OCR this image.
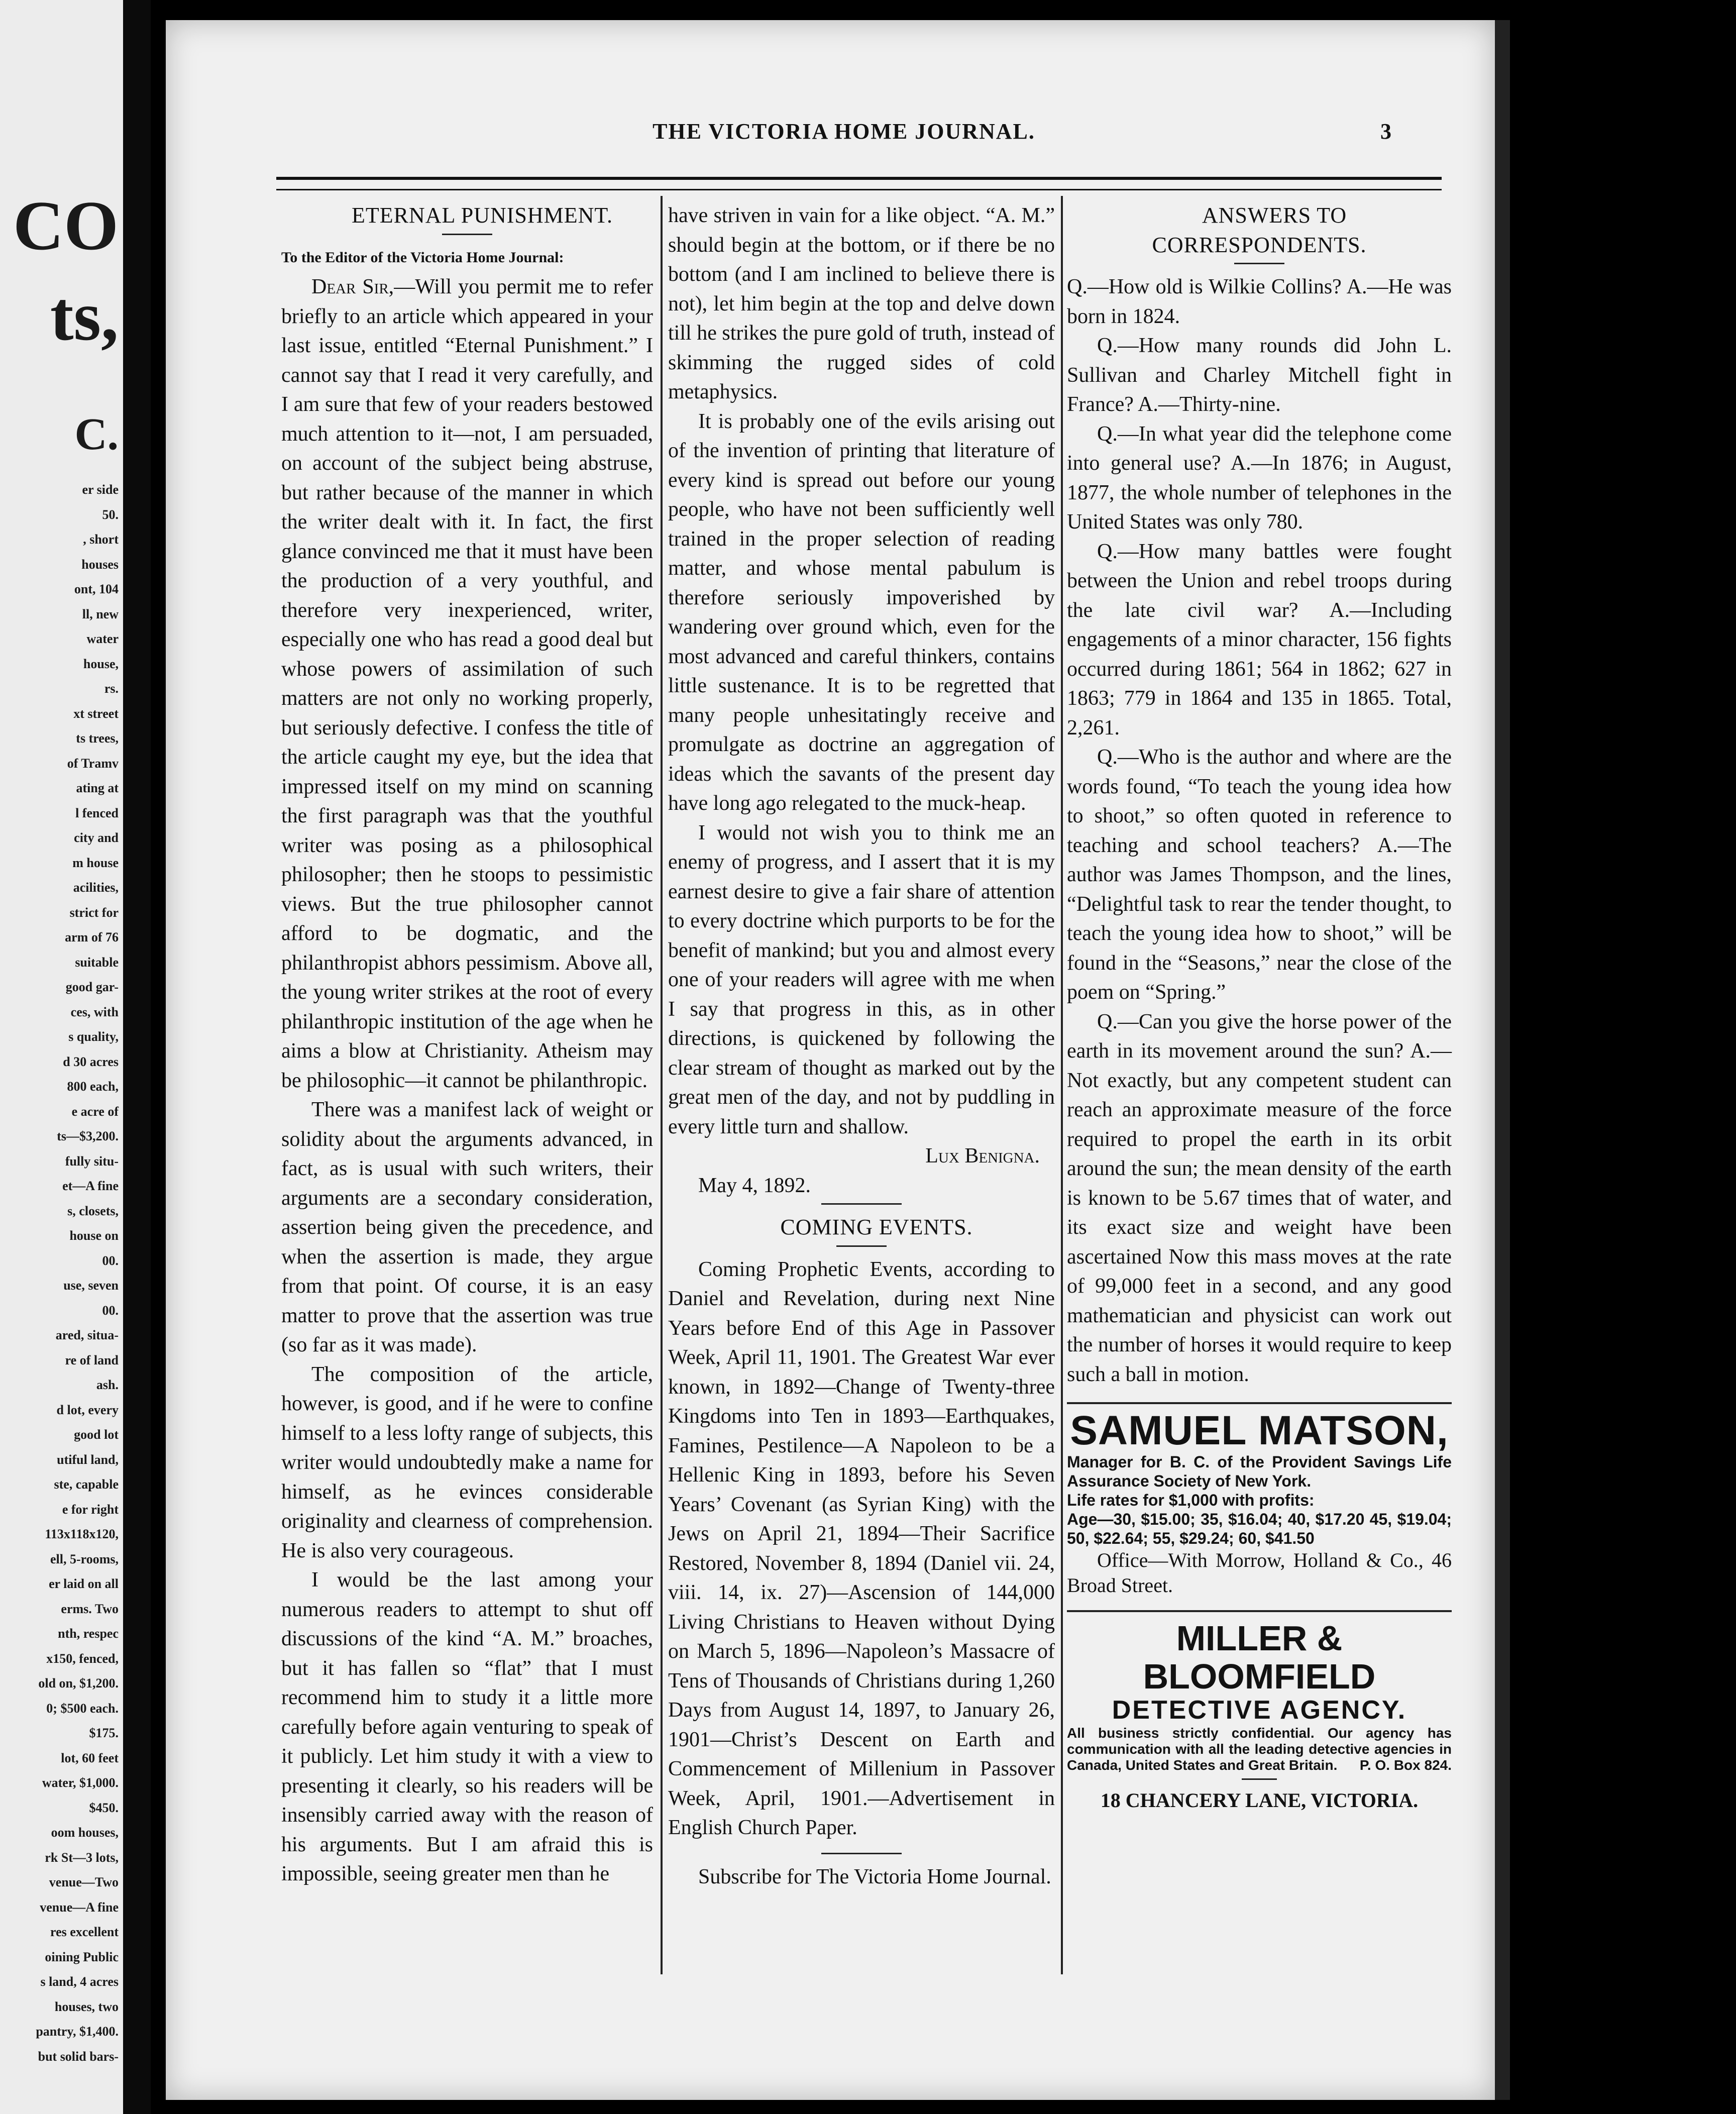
CO
ts,
C.
er side
50.
, short
houses
ont, 104
ll, new
water
house,
rs.
xt street
ts trees,
of Tramv
ating at
l fenced
city and
m house
acilities,
strict for
arm of 76
suitable
good gar-
ces, with
s quality,
d 30 acres
800 each,
e acre of
ts—$3,200.
fully situ-
et—A fine
s, closets,
house on
00.
use, seven
00.
ared, situa-
re of land
ash.
d lot, every
good lot
utiful land,
ste, capable
e for right
113x118x120,
ell, 5-rooms,
er laid on all
erms. Two
nth, respec
x150, fenced,
old on, $1,200.
0; $500 each.
$175.
lot, 60 feet
water, $1,000.
$450.
oom houses,
rk St—3 lots,
venue—Two
venue—A fine
res excellent
oining Public
s land, 4 acres
houses, two
pantry, $1,400.
but solid bars-
THE VICTORIA HOME JOURNAL.	3

ETERNAL PUNISHMENT.

To the Editor of the Victoria Home Journal:

Dear Sir,—Will you permit me to refer briefly to an article which appeared in your last issue, entitled “Eternal Punishment.” I cannot say that I read it very carefully, and I am sure that few of your readers bestowed much attention to it—not, I am persuaded, on account of the subject being abstruse, but rather because of the manner in which the writer dealt with it. In fact, the first glance convinced me that it must have been the production of a very youthful, and therefore very inexperienced, writer, especially one who has read a good deal but whose powers of assimilation of such matters are not only no working properly, but seriously defective. I confess the title of the article caught my eye, but the idea that impressed itself on my mind on scanning the first paragraph was that the youthful writer was posing as a philosophical philosopher; then he stoops to pessimistic views. But the true philosopher cannot afford to be dogmatic, and the philanthropist abhors pessimism. Above all, the young writer strikes at the root of every philanthropic institution of the age when he aims a blow at Christianity. Atheism may be philosophic—it cannot be philanthropic.

There was a manifest lack of weight or solidity about the arguments advanced, in fact, as is usual with such writers, their arguments are a secondary consideration, assertion being given the precedence, and when the assertion is made, they argue from that point. Of course, it is an easy matter to prove that the assertion was true (so far as it was made).

The composition of the article, however, is good, and if he were to confine himself to a less lofty range of subjects, this writer would undoubtedly make a name for himself, as he evinces considerable originality and clearness of comprehension. He is also very courageous.

I would be the last among your numerous readers to attempt to shut off discussions of the kind “A. M.” broaches, but it has fallen so “flat” that I must recommend him to study it a little more carefully before again venturing to speak of it publicly. Let him study it with a view to presenting it clearly, so his readers will be insensibly carried away with the reason of his arguments. But I am afraid this is impossible, seeing greater men than he

have striven in vain for a like object. “A. M.” should begin at the bottom, or if there be no bottom (and I am inclined to believe there is not), let him begin at the top and delve down till he strikes the pure gold of truth, instead of skimming the rugged sides of cold metaphysics.

It is probably one of the evils arising out of the invention of printing that literature of every kind is spread out before our young people, who have not been sufficiently well trained in the proper selection of reading matter, and whose mental pabulum is therefore seriously impoverished by wandering over ground which, even for the most advanced and careful thinkers, contains little sustenance. It is to be regretted that many people unhesitatingly receive and promulgate as doctrine an aggregation of ideas which the savants of the present day have long ago relegated to the muck-heap.

I would not wish you to think me an enemy of progress, and I assert that it is my earnest desire to give a fair share of attention to every doctrine which purports to be for the benefit of mankind; but you and almost every one of your readers will agree with me when I say that progress in this, as in other directions, is quickened by following the clear stream of thought as marked out by the great men of the day, and not by puddling in every little turn and shallow.

Lux Benigna.

May 4, 1892.

COMING EVENTS.

Coming Prophetic Events, according to Daniel and Revelation, during next Nine Years before End of this Age in Passover Week, April 11, 1901. The Greatest War ever known, in 1892—Change of Twenty-three Kingdoms into Ten in 1893—Earthquakes, Famines, Pestilence—A Napoleon to be a Hellenic King in 1893, before his Seven Years’ Covenant (as Syrian King) with the Jews on April 21, 1894—Their Sacrifice Restored, November 8, 1894 (Daniel vii. 24, viii. 14, ix. 27)—Ascension of 144,000 Living Christians to Heaven without Dying on March 5, 1896—Napoleon’s Massacre of Tens of Thousands of Christians during 1,260 Days from August 14, 1897, to January 26, 1901—Christ’s Descent on Earth and Commencement of Millenium in Passover Week, April, 1901.—Advertisement in English Church Paper.

Subscribe for The Victoria Home Journal.

ANSWERS TO CORRESPONDENTS.

Q.—How old is Wilkie Collins? A.—He was born in 1824.

Q.—How many rounds did John L. Sullivan and Charley Mitchell fight in France? A.—Thirty-nine.

Q.—In what year did the telephone come into general use? A.—In 1876; in August, 1877, the whole number of telephones in the United States was only 780.

Q.—How many battles were fought between the Union and rebel troops during the late civil war? A.—Including engagements of a minor character, 156 fights occurred during 1861; 564 in 1862; 627 in 1863; 779 in 1864 and 135 in 1865. Total, 2,261.

Q.—Who is the author and where are the words found, “To teach the young idea how to shoot,” so often quoted in reference to teaching and school teachers? A.—The author was James Thompson, and the lines, “Delightful task to rear the tender thought, to teach the young idea how to shoot,” will be found in the “Seasons,” near the close of the poem on “Spring.”

Q.—Can you give the horse power of the earth in its movement around the sun? A.—Not exactly, but any competent student can reach an approximate measure of the force required to propel the earth in its orbit around the sun; the mean density of the earth is known to be 5.67 times that of water, and its exact size and weight have been ascertained Now this mass moves at the rate of 99,000 feet in a second, and any good mathematician and physicist can work out the number of horses it would require to keep such a ball in motion.

SAMUEL MATSON,
Manager for B. C. of the Provident Savings Life Assurance Society of New York.
Life rates for $1,000 with profits:
Age—30, $15.00; 35, $16.04; 40, $17.20 45, $19.04; 50, $22.64; 55, $29.24; 60, $41.50

Office—With Morrow, Holland & Co., 46 Broad Street.

MILLER & BLOOMFIELD
DETECTIVE AGENCY.
All business strictly confidential. Our agency has communication with all the leading detective agencies in Canada, United States and Great Britain. P. O. Box 824.
18 CHANCERY LANE, VICTORIA.
